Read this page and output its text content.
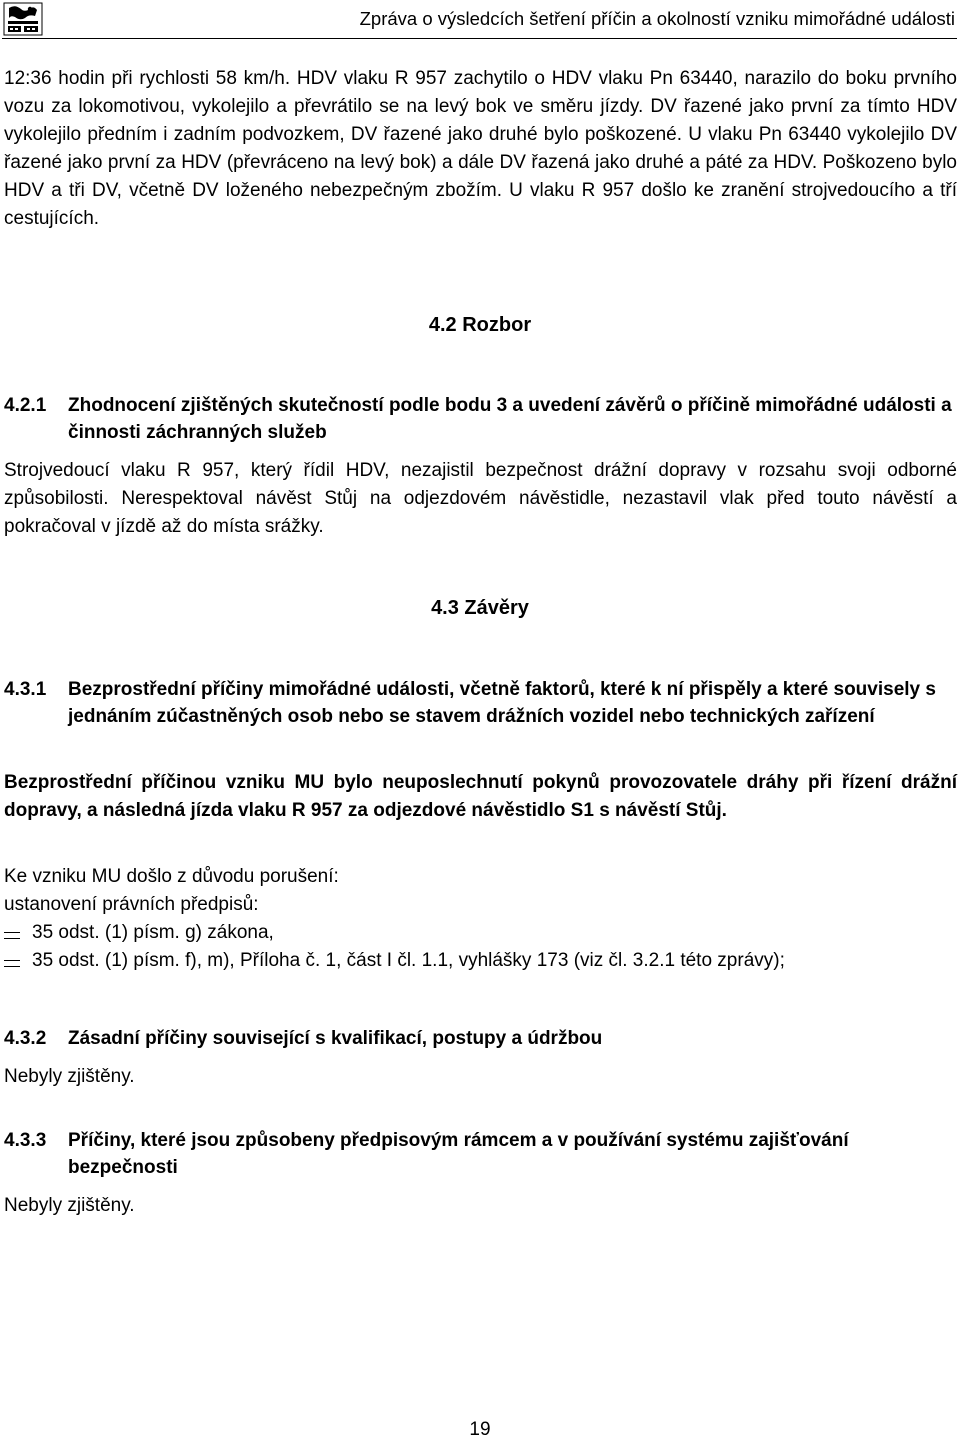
Zpráva o výsledcích šetření příčin a okolností vzniku mimořádné události
12:36 hodin při rychlosti 58 km/h. HDV vlaku R 957 zachytilo o HDV vlaku Pn 63440, narazilo do boku prvního vozu za lokomotivou, vykolejilo a převrátilo se na levý bok ve směru jízdy. DV řazené jako první za tímto HDV vykolejilo předním i zadním podvozkem, DV řazené jako druhé bylo poškozené. U vlaku Pn 63440 vykolejilo DV řazené jako první za HDV (převráceno na levý bok) a dále DV řazená jako druhé a páté za HDV. Poškozeno bylo HDV a tři DV, včetně DV loženého nebezpečným zbožím. U vlaku R 957 došlo ke zranění strojvedoucího a tří cestujících.
4.2 Rozbor
4.2.1 Zhodnocení zjištěných skutečností podle bodu 3 a uvedení závěrů o příčině mimořádné události a činnosti záchranných služeb
Strojvedoucí vlaku R 957, který řídil HDV, nezajistil bezpečnost drážní dopravy v rozsahu svoji odborné způsobilosti. Nerespektoval návěst Stůj na odjezdovém návěstidle, nezastavil vlak před touto návěstí a pokračoval v jízdě až do místa srážky.
4.3 Závěry
4.3.1 Bezprostřední příčiny mimořádné události, včetně faktorů, které k ní přispěly a které souvisely s jednáním zúčastněných osob nebo se stavem drážních vozidel nebo technických zařízení
Bezprostřední příčinou vzniku MU bylo neuposlechnutí pokynů provozovatele dráhy při řízení drážní dopravy, a následná jízda vlaku R 957 za odjezdové návěstidlo S1 s návěstí Stůj.
Ke vzniku MU došlo z důvodu porušení:
ustanovení právních předpisů:
35 odst. (1) písm. g) zákona,
35 odst. (1) písm. f), m), Příloha č. 1, část I čl. 1.1, vyhlášky 173 (viz čl. 3.2.1 této zprávy);
4.3.2 Zásadní příčiny související s kvalifikací, postupy a údržbou
Nebyly zjištěny.
4.3.3 Příčiny, které jsou způsobeny předpisovým rámcem a v používání systému zajišťování bezpečnosti
Nebyly zjištěny.
19
